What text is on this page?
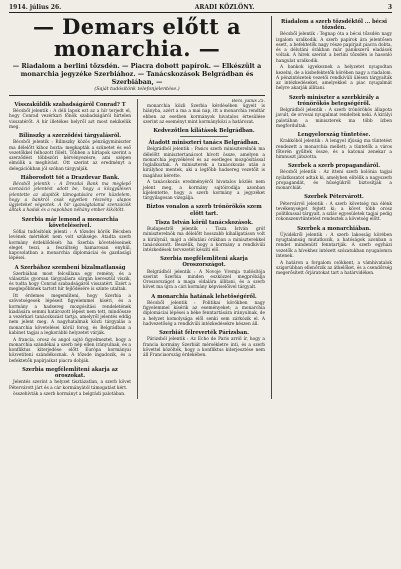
1914. július 26.	ARADI KÖZLÖNY.	3
— Demars előtt a monarchia. —
— Riadalom a berlini tőzsdén. — Piacra dobott papírok. — Elkészült a monarchia jegyzéke Szerbiához. — Tanácskozások Belgrádban és Szerbiában, —
(Saját tudósítónk telefonjelentése.)
Visszaküldik szabadságáról Conrad? T

Bécsből jelentik : A déli lapok ezt az a hír terjedt el, hogy Conrad vezérkari főnök szabadságáról hírtelen visszatérőt. A hír illetékes helyről azt most nekikelük meg.

Bilinszky a szerződési tárgyalásról.

Bécsből jelentik : Bilinszky közös pénzügyminiszter ma délelőtt kihoz hozta: megkapták a szünetet és eső vezetőkkel felhozott fölelt. Többen a hírlapok szerint a szerződést többszöri kérvényezésre, ami szépen elmúlik a meghívást. Ott szerint az eredményt a delegációkban jól szóban tárgyalják.

Háborodott tót a Drazdevar Bank.

Bécsből jelentik : A Drezdai Bank ma meglepő szenzáció jelentést adott be, hogy a közgyűlésen jelentette az alapítók támogatására erre küzdelem, hogy a bankról csak egyetlen részvény alapos ügyleteket végeztek. A hír igazságtalanul szenzációk álltak a hadak és a napokban néhány ember kikötött.

Szerbia már lemond a monarchia követeléseivel.

Sófiai tudósítónk jelenti : A tőzsdei körök Bécsben levének mértékét nem volt szüksége. Átadta szerb kormány érdeklődését: ha Szerbia követeléseinek eleget teszi, a feszültség hamarosan enyhül, kapcsolatban a monarchia diplomáciai és gazdasági lépései.

A Szerbához szembeni bizalmatlanság

Szerbiában most felcsillana egy remény, és a választás gyorsan tárgyalásra sárgán keresztül viszik, és tudta hogy Conrad szabadságáról visszatért. Ezért a meglepőbbnek tartott hír fejlődésére is szinte utaltak.

Itt érdemes megemlíteni, hogy Szerbia a szövetségesek lépéseit figyelemmel kíséri, és a kormány a hadsereg mozgósítási rendeletének kiadására semmi határozott lépést nem tett, mindössze a vezérkari tanácskozást tartja, amelyről jelentés eddig nem jelent meg. A nagyhatalmak közti tárgyalás a monarchia követelései körül forog, és Belgrádban a kabinet tagjai a legkorábbi helyzetet várják.

A francia, orosz és angol sajtó figyelmeztet, hogy a monarchia szándékai a szerb nép ellen irányulnak, és a konfliktus kiterjedése előtt Európa kormányai közvetíteni szándékoznak. A tőzsde ingadozik, és a befektetők papírjaikat piacra dobják.

Szerbia megfélemlíteni akarja az oroszokat.

Jelentés szerint a helyzet tisztázatlan, a szerb követ Pétervárott járt és a cár kormányától támogatást kért.

összehívták a szerb kormányt a belgrádi palotában.

Bécs, július 25.

monarchia közli Szerbia kérdésében ügyeit is hiányba, azért a ma a mai nap, itt a monarchia rendtár ebben az esetben kormányok hivatalos értesülése szerint az eseményt mint kormányközi a határozat.

Kedvezőtlen kilátások Belgrádban.
Átadott miniszteri tanács Belgrádban.

Belgrádból jelentik : Pasics szerb miniszterelnök ma délelőtt minisztertanácsot hívott össze, amelyen a monarchia jegyzékével és az esetleges mozgósítással foglalkoztak. A miniszterek a tanácskozás után a királyhoz mentek, aki a legfőbb hadsereg vezetőit is magához kérette.

A tanácskozás eredményéről hivatalos közlés nem jelent meg, a kormány sajtóirodája azonban kijelentette, hogy a szerb kormány a jegyzéket tárgyilagosan vizsgálja.

Biztos vonalon a szerb trónörökös szem előtt tart.
Tisza István körül tanácskozások.

Budapestről jelentik : Tisza István gróf miniszterelnök ma délelőtt hosszabb kihallgatáson volt a királynál, majd a délutáni órákban a miniszterekkel tanácskozott. Beszélik, hogy a kormány a rendkívüli intézkedések tervezetét készíti elő.

Szerbia megfélemlíteni akarja Oroszországot.

Belgrádból jelentik : A Novoje Vremja tudósítója szerint Szerbia minden eszközzel megpróbálja Oroszországot a maga oldalára állítani, és a szerb követ ma újra a cári kormány képviselőivel tárgyalt.

A monarchia hatának lehetőségéről.

Bécsből jelentik : Politikai körökben nagy figyelemmel kísérik az eseményeket; a monarchia diplomáciai lépései a béke fenntartására irányulnak, de a helyzet komolysága elől senki sem zárkózik el. A hadvezetőség a rendkívüli intézkedésekre készen áll.

Szerbiát félreverték Párizsban.

Párizsból jelentik : Az Echo de Paris arról ír, hogy a francia kormány Szerbiát mérsékletre inti, és a szerb követtel közölték, hogy a konfliktus kiterjesztése nem áll Franciaország érdekében.

Riadalom a szerb tőzsdéktől ... bécsi tőzsdén.

Bécsből jelentik : Tegnap óta a bécsi tőzsdén nagy izgalom uralkodik. A szerb papírok ára jelentősen esett, a befektetők nagy része papírjait piacra dobta, és a délutáni órákban már pánikszerű eladások voltak. A hírek szerint a berlini tőzsdén is hasonló hangulat uralkodik.

A bankok igyekeznek a helyzetet nyugodtan kezelni, de a kisbefektetők körében nagy a riadalom. A pénzintézetek vezetői rendkívüli ülésen tárgyalták az intézkedéseket, amelyekkel a piac nyugalmát helyre akarják állítani.

Szerb miniszter a szerbkirály a trónörökös betegségéről.

Belgrádból jelentik : A szerb trónörökös állapota javult, de orvosai nyugalmat rendeltek neki. A királyi palotában a miniszterek ma több ízben megfordultak.

Lengyelország tüntetése.

Krakkóból jelentik : A lengyel ifjúság ma tüntetést rendezett a monarchia mellett; a tüntetők a város főterén gyűltek össze, és a katonai zenekar a himnuszt játszotta.

Szerbek a szerb propagandáról.

Bécsből jelentik : Az itteni szerb kolónia tagjai nyilatkozatot adtak ki, amelyben elítélik a nagyszerb propagandát, és hűségükről biztosítják a monarchiát.

Szerbek Pétervárott.

Pétervárról jelentik : A szerb követség ma élénk tevékenységet fejtett ki; a követ több orosz politikussal tárgyalt, a szláv egyesületek tagjai pedig rokonszenvtüntetést rendeztek a követség előtt.

Szerbek a monarchiában.

Újvidékről jelentik : A szerb lakosság körében nyugtalanság mutatkozik, a hatóságok azonban a rendet mindenütt fenntartják. A szerb egyházi vezetők a hívekhez intézett szózatukban nyugalomra intenek.

A határon a forgalom csökkent, a vámhivatalok szigorúbban ellenőrzik az átkelőket, és a csendőrség megerősített őrjáratokat tart a határvidéken.
